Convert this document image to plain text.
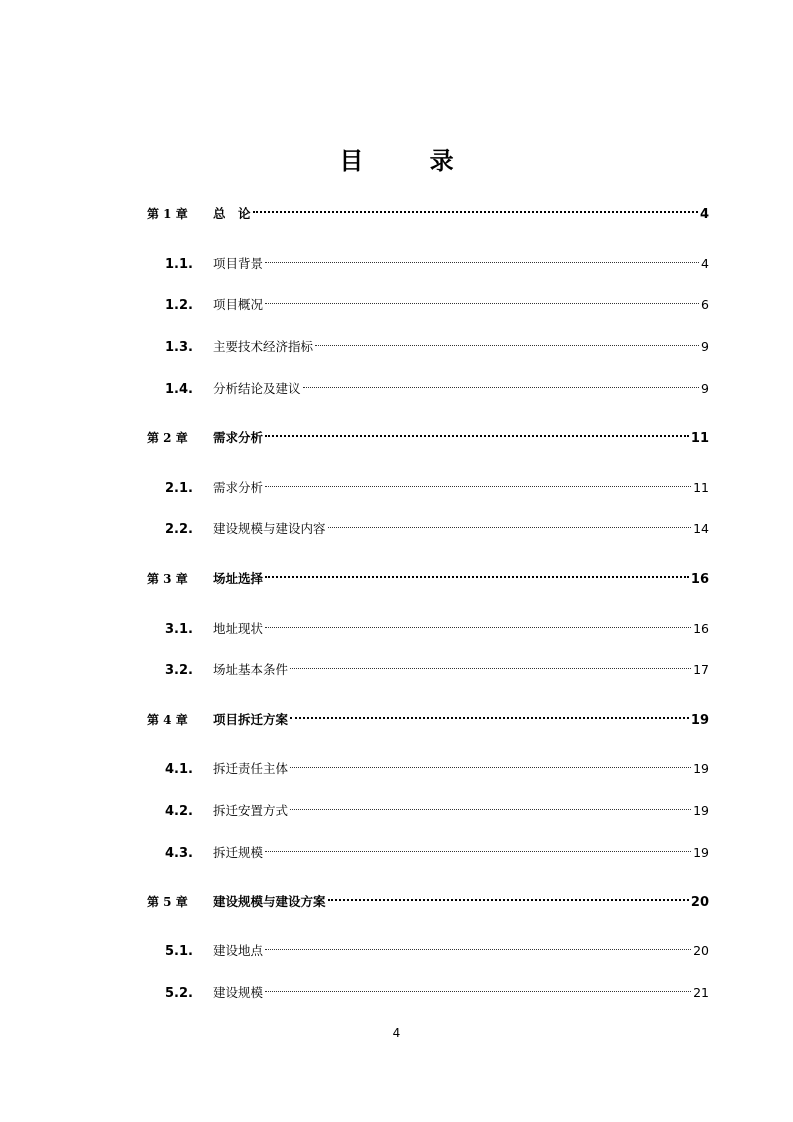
目	录
第 1 章	总　论	4
1.1.	项目背景	4
1.2.	项目概况	6
1.3.	主要技术经济指标	9
1.4.	分析结论及建议	9
第 2 章	需求分析	11
2.1.	需求分析	11
2.2.	建设规模与建设内容	14
第 3 章	场址选择	16
3.1.	地址现状	16
3.2.	场址基本条件	17
第 4 章	项目拆迁方案	19
4.1.	拆迁责任主体	19
4.2.	拆迁安置方式	19
4.3.	拆迁规模	19
第 5 章	建设规模与建设方案	20
5.1.	建设地点	20
5.2.	建设规模	21
4
